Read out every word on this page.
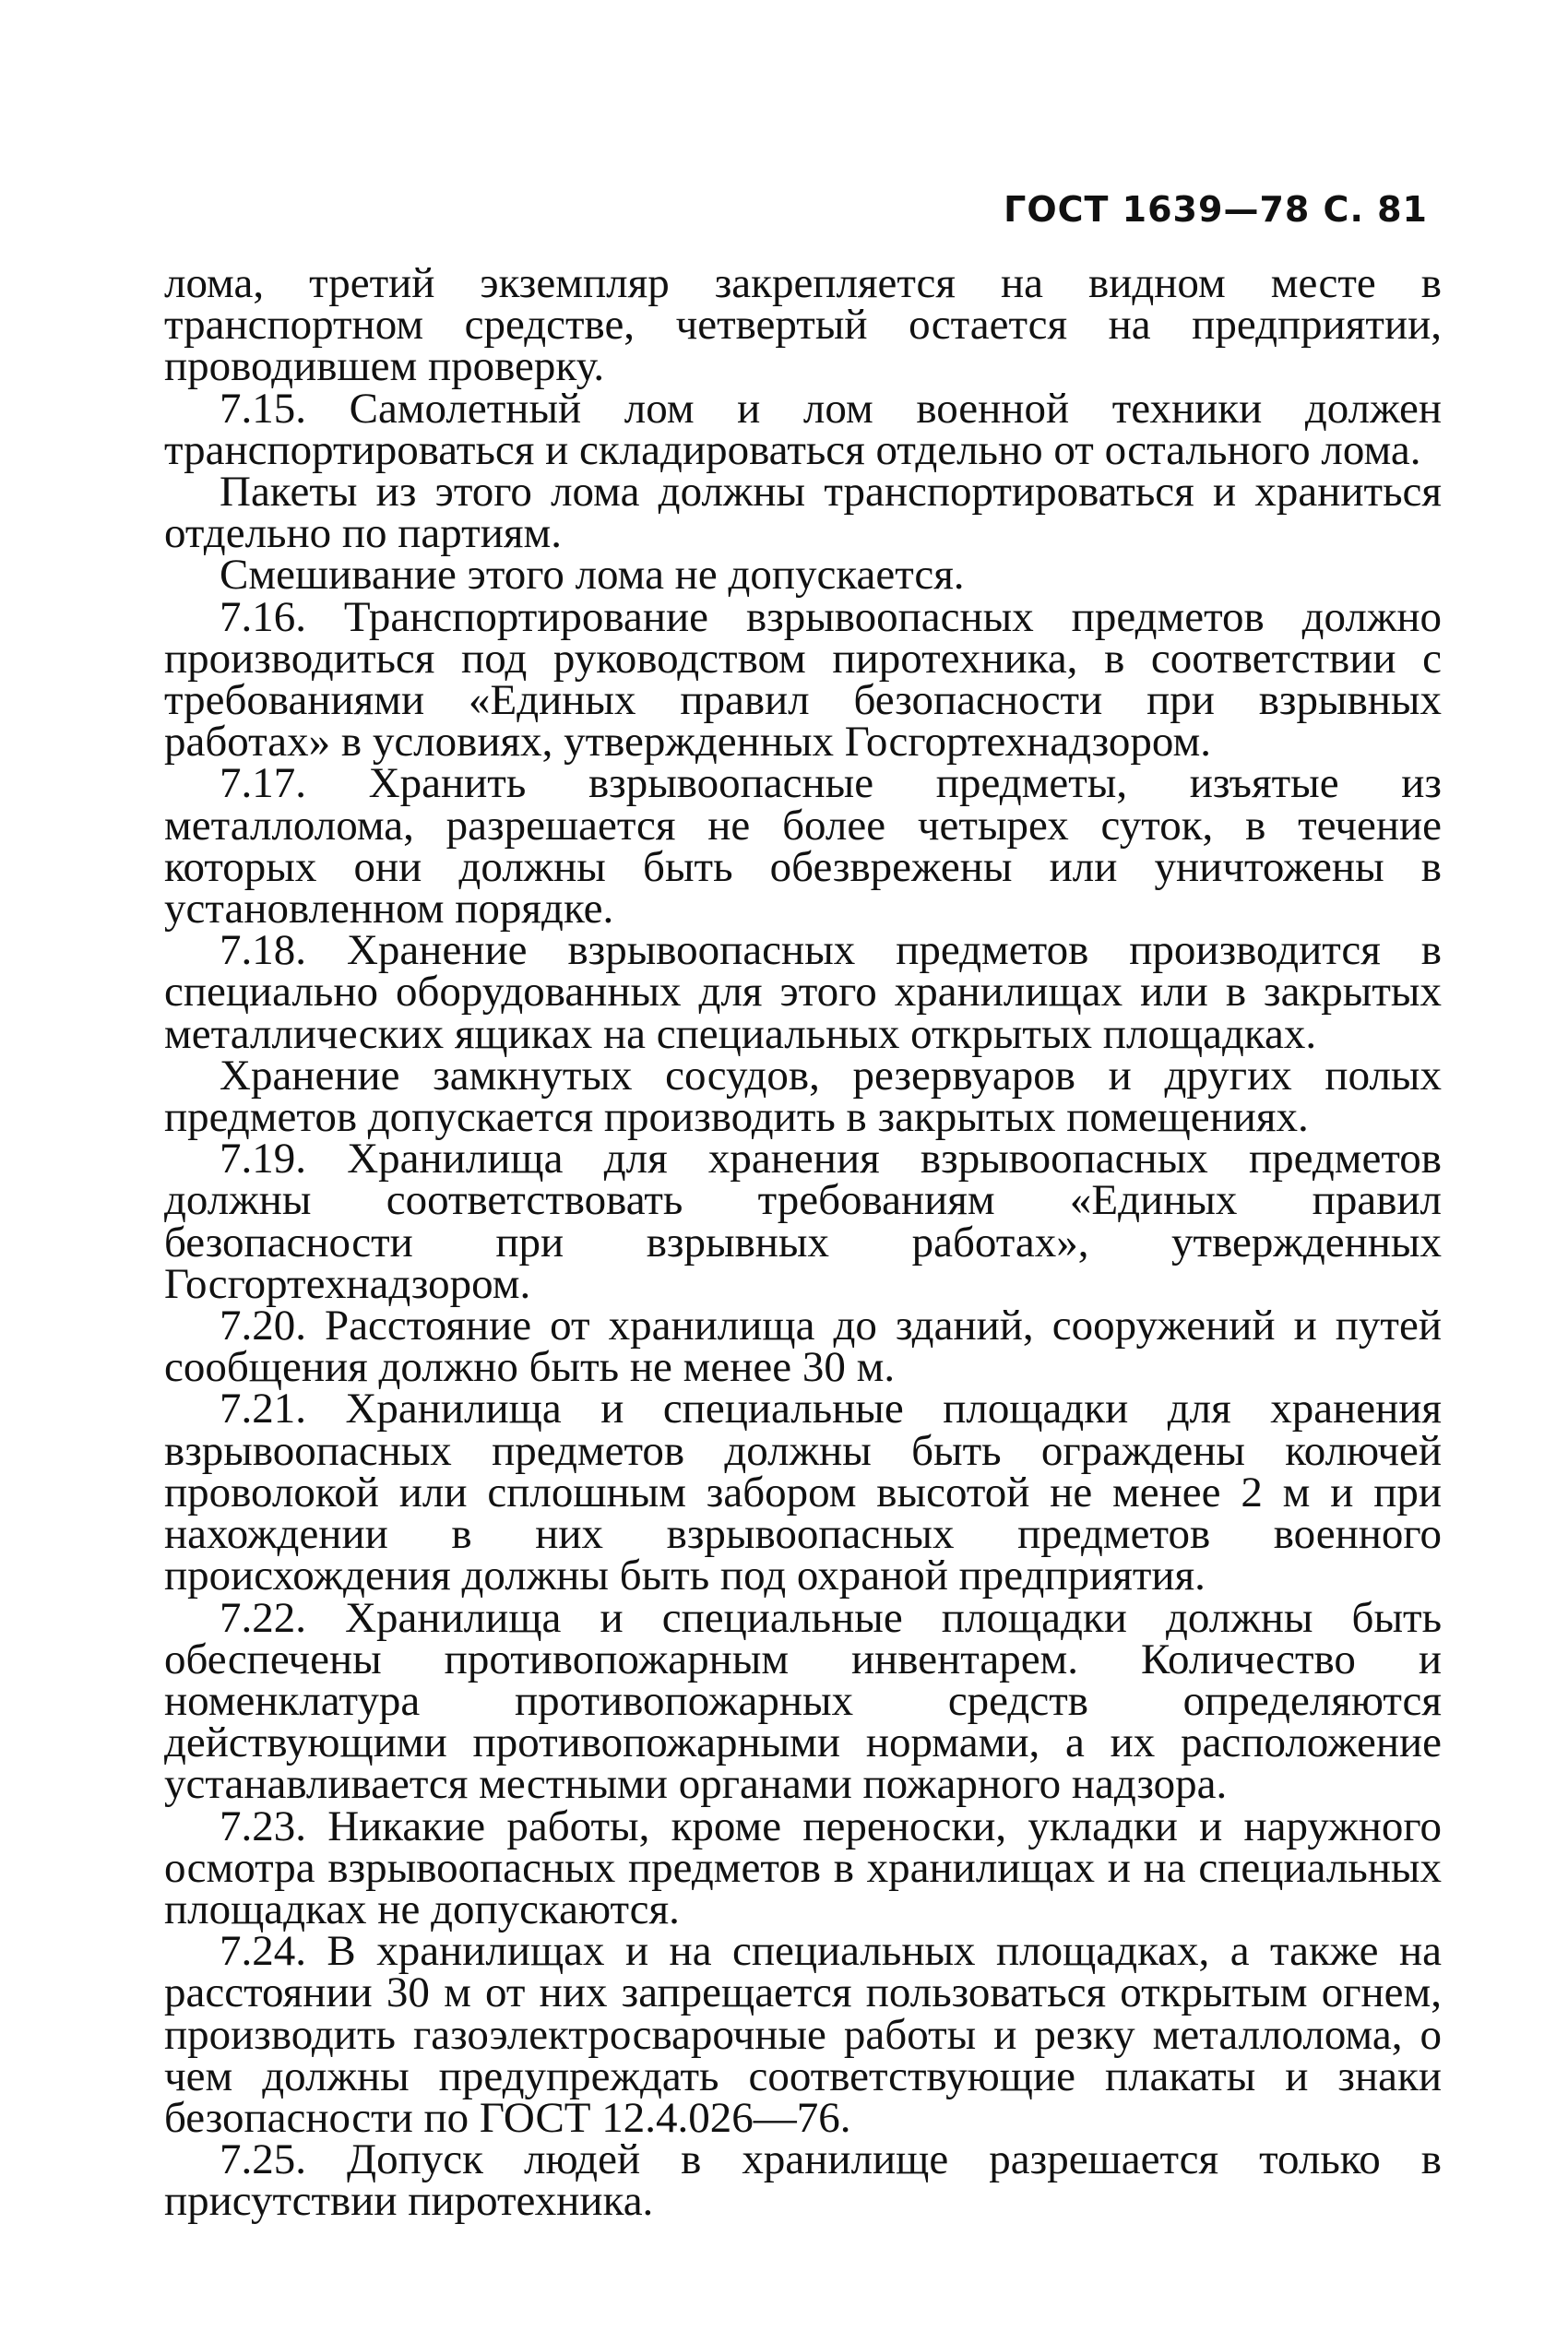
ГОСТ 1639—78 С. 81

лома, третий экземпляр закрепляется на видном месте в транспортном средстве, четвертый остается на предприятии, проводившем проверку.

7.15. Самолетный лом и лом военной техники должен транспортироваться и складироваться отдельно от остального лома.

Пакеты из этого лома должны транспортироваться и храниться отдельно по партиям.

Смешивание этого лома не допускается.

7.16. Транспортирование взрывоопасных предметов должно производиться под руководством пиротехника, в соответствии с требованиями «Единых правил безопасности при взрывных работах» в условиях, утвержденных Госгортехнадзором.

7.17. Хранить взрывоопасные предметы, изъятые из металлолома, разрешается не более четырех суток, в течение которых они должны быть обезврежены или уничтожены в установленном порядке.

7.18. Хранение взрывоопасных предметов производится в специально оборудованных для этого хранилищах или в закрытых металлических ящиках на специальных открытых площадках.

Хранение замкнутых сосудов, резервуаров и других полых предметов допускается производить в закрытых помещениях.

7.19. Хранилища для хранения взрывоопасных предметов должны соответствовать требованиям «Единых правил безопасности при взрывных работах», утвержденных Госгортехнадзором.

7.20. Расстояние от хранилища до зданий, сооружений и путей сообщения должно быть не менее 30 м.

7.21. Хранилища и специальные площадки для хранения взрывоопасных предметов должны быть ограждены колючей проволокой или сплошным забором высотой не менее 2 м и при нахождении в них взрывоопасных предметов военного происхождения должны быть под охраной предприятия.

7.22. Хранилища и специальные площадки должны быть обеспечены противопожарным инвентарем. Количество и номенклатура противопожарных средств определяются действующими противопожарными нормами, а их расположение устанавливается местными органами пожарного надзора.

7.23. Никакие работы, кроме переноски, укладки и наружного осмотра взрывоопасных предметов в хранилищах и на специальных площадках не допускаются.

7.24. В хранилищах и на специальных площадках, а также на расстоянии 30 м от них запрещается пользоваться открытым огнем, производить газоэлектросварочные работы и резку металлолома, о чем должны предупреждать соответствующие плакаты и знаки безопасности по ГОСТ 12.4.026—76.

7.25. Допуск людей в хранилище разрешается только в присутствии пиротехника.
